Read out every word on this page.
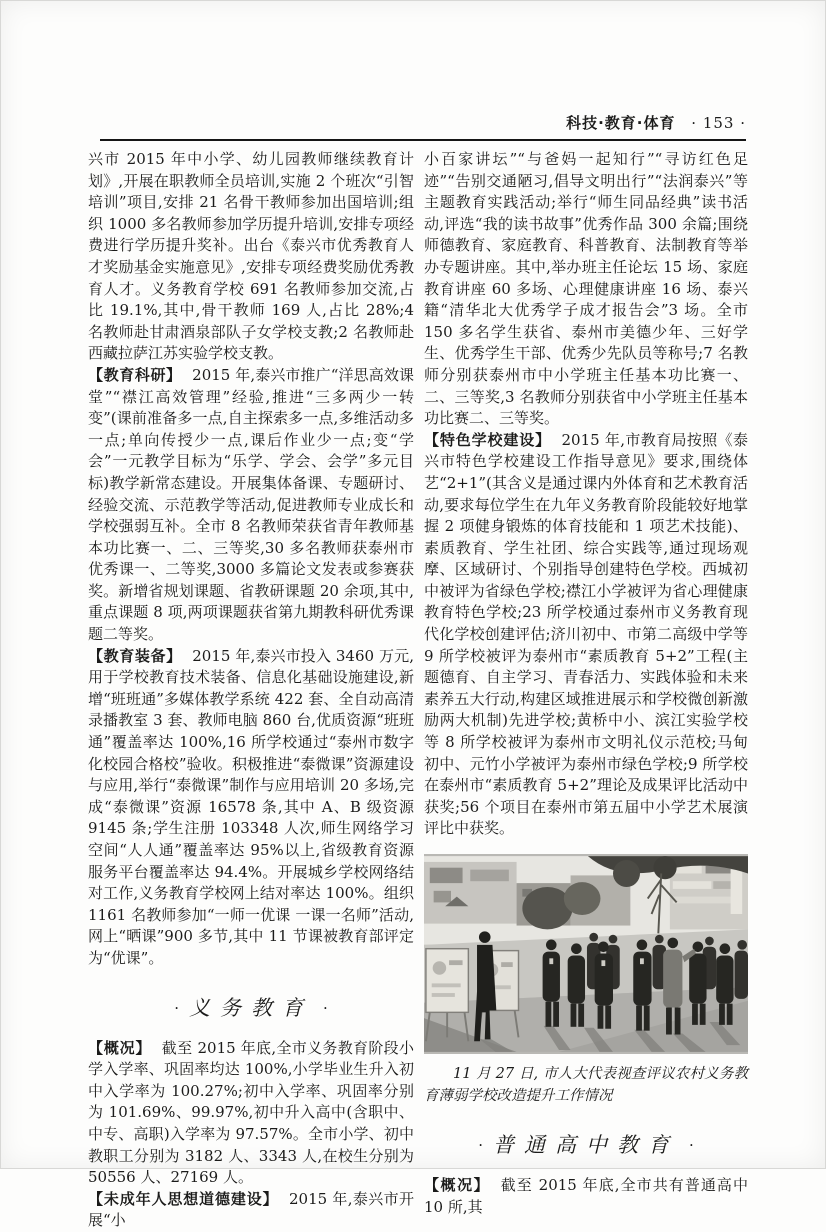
科技·教育·体育 · 153 ·

兴市 2015 年中小学、幼儿园教师继续教育计划》,开展在职教师全员培训,实施 2 个班次“引智培训”项目,安排 21 名骨干教师参加出国培训;组织 1000 多名教师参加学历提升培训,安排专项经费进行学历提升奖补。出台《泰兴市优秀教育人才奖励基金实施意见》,安排专项经费奖励优秀教育人才。义务教育学校 691 名教师参加交流,占比 19.1%,其中,骨干教师 169 人,占比 28%;4 名教师赴甘肃酒泉部队子女学校支教;2 名教师赴西藏拉萨江苏实验学校支教。

【教育科研】 2015 年,泰兴市推广“洋思高效课堂”“襟江高效管理”经验,推进“三多两少一转变”(课前准备多一点,自主探索多一点,多维活动多一点;单向传授少一点,课后作业少一点;变“学会”一元教学目标为“乐学、学会、会学”多元目标)教学新常态建设。开展集体备课、专题研讨、经验交流、示范教学等活动,促进教师专业成长和学校强弱互补。全市 8 名教师荣获省青年教师基本功比赛一、二、三等奖,30 多名教师获泰州市优秀课一、二等奖,3000 多篇论文发表或参赛获奖。新增省规划课题、省教研课题 20 余项,其中,重点课题 8 项,两项课题获省第九期教科研优秀课题二等奖。

【教育装备】 2015 年,泰兴市投入 3460 万元,用于学校教育技术装备、信息化基础设施建设,新增“班班通”多媒体教学系统 422 套、全自动高清录播教室 3 套、教师电脑 860 台,优质资源“班班通”覆盖率达 100%,16 所学校通过“泰州市数字化校园合格校”验收。积极推进“泰微课”资源建设与应用,举行“泰微课”制作与应用培训 20 多场,完成“泰微课”资源 16578 条,其中 A、B 级资源 9145 条;学生注册 103348 人次,师生网络学习空间“人人通”覆盖率达 95%以上,省级教育资源服务平台覆盖率达 94.4%。开展城乡学校网络结对工作,义务教育学校网上结对率达 100%。组织 1161 名教师参加“一师一优课 一课一名师”活动,网上“晒课”900 多节,其中 11 节课被教育部评定为“优课”。

· 义务教育 ·

【概况】 截至 2015 年底,全市义务教育阶段小学入学率、巩固率均达 100%,小学毕业生升入初中入学率为 100.27%;初中入学率、巩固率分别为 101.69%、99.97%,初中升入高中(含职中、中专、高职)入学率为 97.57%。全市小学、初中教职工分别为 3182 人、3343 人,在校生分别为 50556 人、27169 人。

【未成年人思想道德建设】 2015 年,泰兴市开展“小

小百家讲坛”“与爸妈一起知行”“寻访红色足迹”“告别交通陋习,倡导文明出行”“法润泰兴”等主题教育实践活动;举行“师生同品经典”读书活动,评选“我的读书故事”优秀作品 300 余篇;围绕师德教育、家庭教育、科普教育、法制教育等举办专题讲座。其中,举办班主任论坛 15 场、家庭教育讲座 60 多场、心理健康讲座 16 场、泰兴籍“清华北大优秀学子成才报告会”3 场。全市 150 多名学生获省、泰州市美德少年、三好学生、优秀学生干部、优秀少先队员等称号;7 名教师分别获泰州市中小学班主任基本功比赛一、二、三等奖,3 名教师分别获省中小学班主任基本功比赛二、三等奖。

【特色学校建设】 2015 年,市教育局按照《泰兴市特色学校建设工作指导意见》要求,围绕体艺“2+1”(其含义是通过课内外体育和艺术教育活动,要求每位学生在九年义务教育阶段能较好地掌握 2 项健身锻炼的体育技能和 1 项艺术技能)、素质教育、学生社团、综合实践等,通过现场观摩、区域研讨、个别指导创建特色学校。西城初中被评为省绿色学校;襟江小学被评为省心理健康教育特色学校;23 所学校通过泰州市义务教育现代化学校创建评估;济川初中、市第二高级中学等 9 所学校被评为泰州市“素质教育 5+2”工程(主题德育、自主学习、青春活力、实践体验和未来素养五大行动,构建区域推进展示和学校微创新激励两大机制)先进学校;黄桥中小、滨江实验学校等 8 所学校被评为泰州市文明礼仪示范校;马甸初中、元竹小学被评为泰州市绿色学校;9 所学校在泰州市“素质教育 5+2”理论及成果评比活动中获奖;56 个项目在泰州市第五届中小学艺术展演评比中获奖。

11 月 27 日, 市人大代表视查评议农村义务教育薄弱学校改造提升工作情况

· 普通高中教育 ·

【概况】 截至 2015 年底,全市共有普通高中 10 所,其
